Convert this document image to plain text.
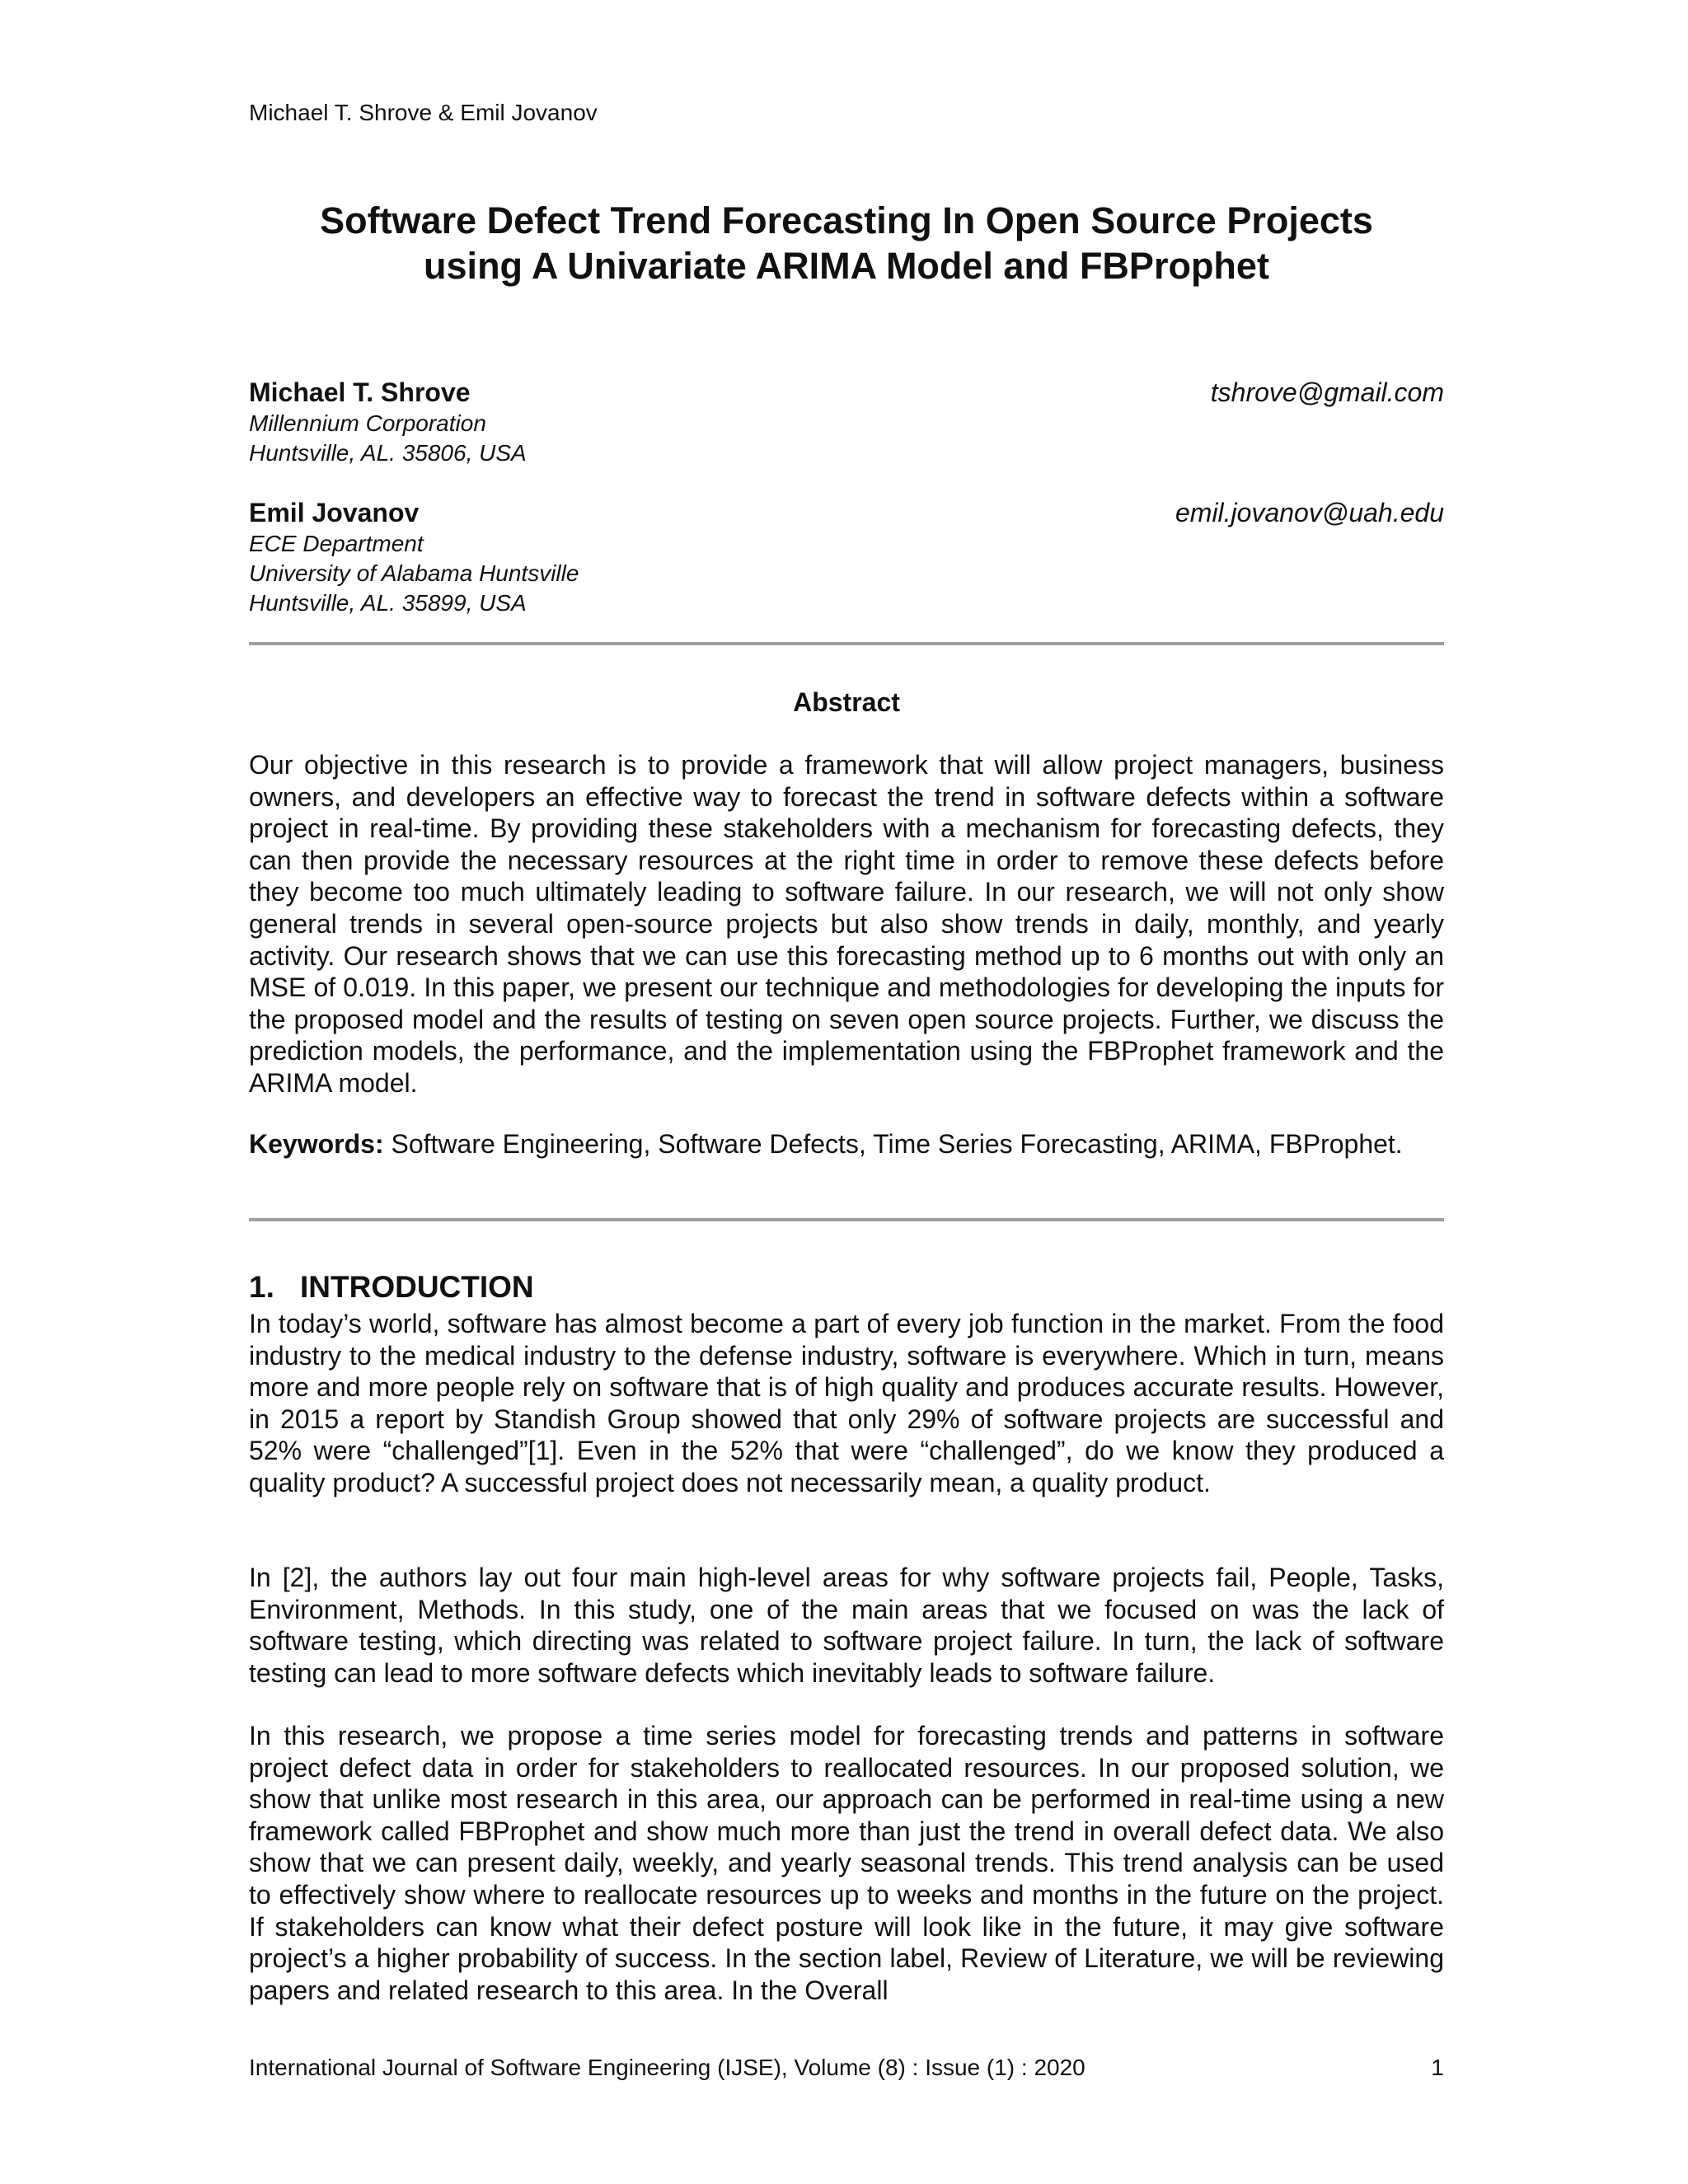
Michael T. Shrove & Emil Jovanov
Software Defect Trend Forecasting In Open Source Projects
using A Univariate ARIMA Model and FBProphet
Michael T. Shrove	tshrove@gmail.com
Millennium Corporation
Huntsville, AL. 35806, USA
Emil Jovanov	emil.jovanov@uah.edu
ECE Department
University of Alabama Huntsville
Huntsville, AL. 35899, USA
Abstract

Our objective in this research is to provide a framework that will allow project managers, business owners, and developers an effective way to forecast the trend in software defects within a software project in real-time. By providing these stakeholders with a mechanism for forecasting defects, they can then provide the necessary resources at the right time in order to remove these defects before they become too much ultimately leading to software failure. In our research, we will not only show general trends in several open-source projects but also show trends in daily, monthly, and yearly activity. Our research shows that we can use this forecasting method up to 6 months out with only an MSE of 0.019. In this paper, we present our technique and methodologies for developing the inputs for the proposed model and the results of testing on seven open source projects. Further, we discuss the prediction models, the performance, and the implementation using the FBProphet framework and the ARIMA model.

Keywords: Software Engineering, Software Defects, Time Series Forecasting, ARIMA, FBProphet.

1. INTRODUCTION

In today’s world, software has almost become a part of every job function in the market. From the food industry to the medical industry to the defense industry, software is everywhere. Which in turn, means more and more people rely on software that is of high quality and produces accurate results. However, in 2015 a report by Standish Group showed that only 29% of software projects are successful and 52% were “challenged”[1]. Even in the 52% that were “challenged”, do we know they produced a quality product? A successful project does not necessarily mean, a quality product.

In [2], the authors lay out four main high-level areas for why software projects fail, People, Tasks, Environment, Methods. In this study, one of the main areas that we focused on was the lack of software testing, which directing was related to software project failure. In turn, the lack of software testing can lead to more software defects which inevitably leads to software failure.

In this research, we propose a time series model for forecasting trends and patterns in software project defect data in order for stakeholders to reallocated resources. In our proposed solution, we show that unlike most research in this area, our approach can be performed in real-time using a new framework called FBProphet and show much more than just the trend in overall defect data. We also show that we can present daily, weekly, and yearly seasonal trends. This trend analysis can be used to effectively show where to reallocate resources up to weeks and months in the future on the project. If stakeholders can know what their defect posture will look like in the future, it may give software project’s a higher probability of success. In the section label, Review of Literature, we will be reviewing papers and related research to this area. In the Overall

International Journal of Software Engineering (IJSE), Volume (8) : Issue (1) : 2020	1
